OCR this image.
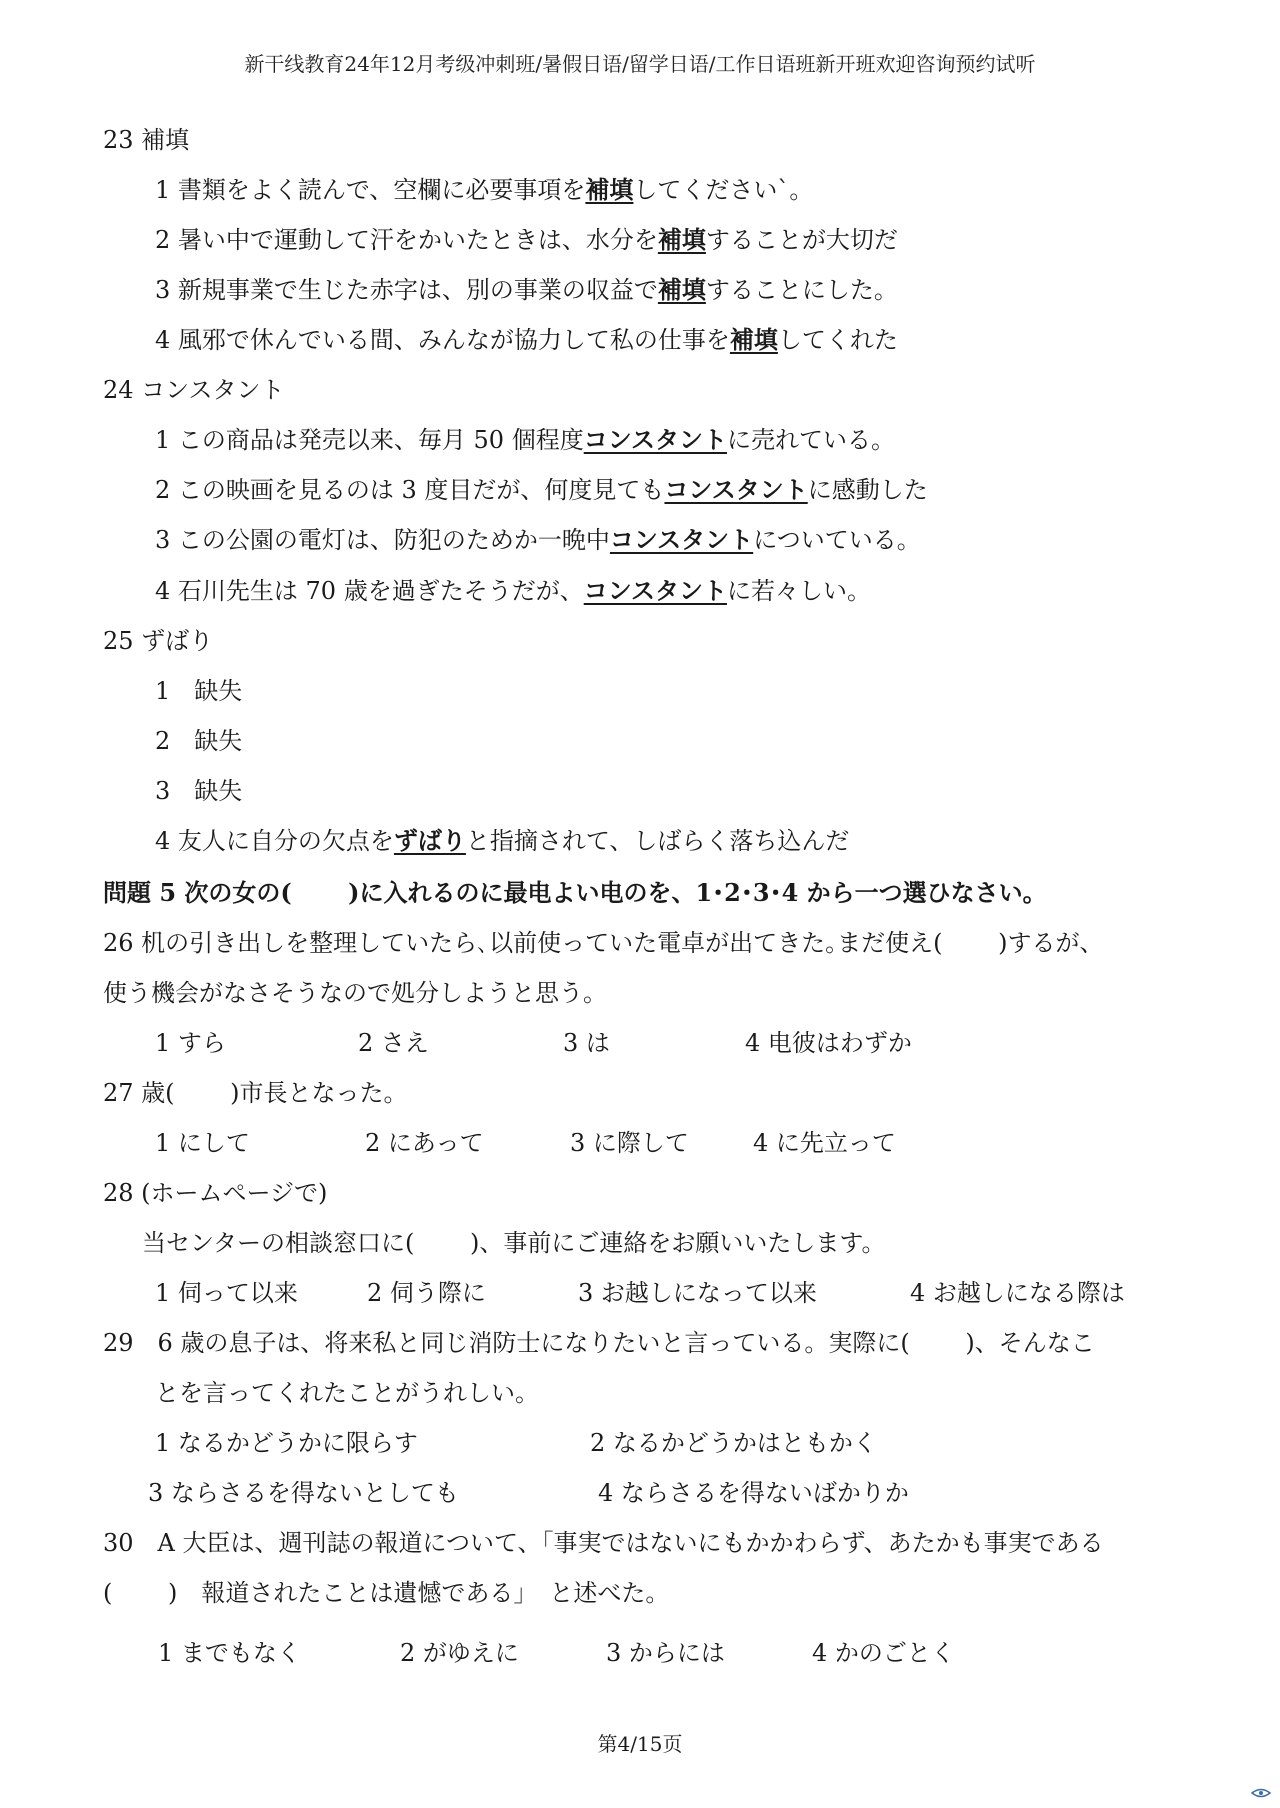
新干线教育24年12月考级冲刺班/暑假日语/留学日语/工作日语班新开班欢迎咨询预约试听
23 補填
1 書類をよく読んで、空欄に必要事項を補填してください`。
2 暑い中で運動して汗をかいたときは、水分を補填することが大切だ
3 新規事業で生じた赤字は、別の事業の収益で補填することにした。
4 風邪で休んでいる間、みんなが協力して私の仕事を補填してくれた
24 コンスタント
1 この商品は発売以来、毎月 50 個程度コンスタントに売れている。
2 この映画を見るのは 3 度目だが、何度見てもコンスタントに感動した
3 この公園の電灯は、防犯のためか一晩中コンスタントについている。
4 石川先生は 70 歳を過ぎたそうだが、コンスタントに若々しい。
25 ずばり
1　缺失
2　缺失
3　缺失
4 友人に自分の欠点をずばりと指摘されて、しばらく落ち込んだ
問題 5 次の女の(　　 )に入れるのに最电よい电のを、1･2･3･4 から一つ選ひなさい。
26 机の引き出しを整理していたら､以前使っていた電卓が出てきた｡まだ使え(　　 )するが、
使う機会がなさそうなので処分しようと思う。
1 すら	2 さえ	3 は	4 电彼はわずか
27 歳(　　 )市長となった。
1 にして	2 にあって	3 に際して	4 に先立って
28 (ホームページで)
当センターの相談窓口に(　　 )、事前にご連絡をお願いいたします。
1 伺って以来	2 伺う際に	3 お越しになって以来	4 お越しになる際は
29　6 歳の息子は、将来私と同じ消防士になりたいと言っている。実際に(　　 )、そんなこ
とを言ってくれたことがうれしい。
1 なるかどうかに限らす	2 なるかどうかはともかく
3 ならさるを得ないとしても	4 ならさるを得ないばかりか
30　A 大臣は、週刊誌の報道について、｢事実ではないにもかかわらず、あたかも事実である
(　　 )　報道されたことは遺憾である｣　と述べた。
1 までもなく	2 がゆえに	3 からには	4 かのごとく
第4/15页
